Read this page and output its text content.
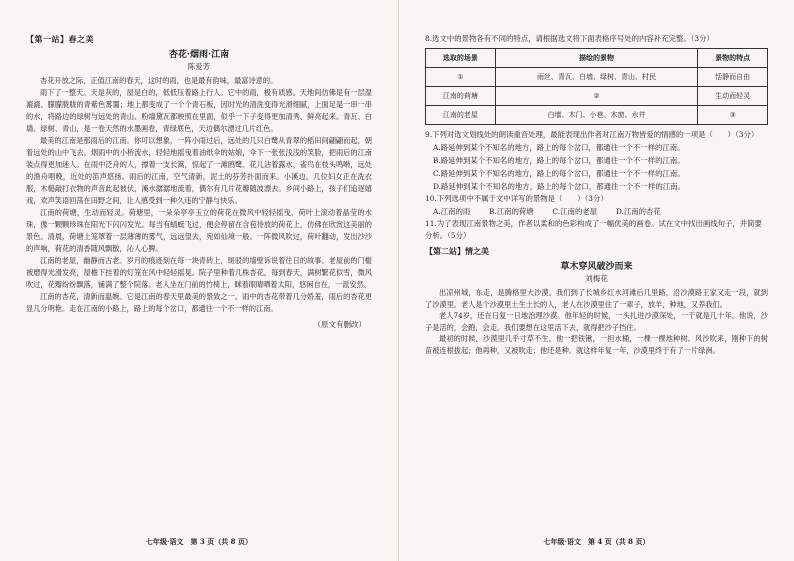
【第一站】春之美
杏花·烟雨·江南
陈爱芳

杏花开放之际，正值江南的春天，这时的雨，也是最有韵味，最富诗意的。

雨下了一整天。天是灰的，屋是白的，低低压着路上行人。它中的雨，极有质感。天地间仿佛是有一层湿漉漉、朦朦胧胧的青紫色雾霭；地上都变成了一个个青石板，因时光的清洗变得光滑细腻，上面足是一串一串的水，将路边的绿树与远处的青山、粉墙黛瓦都映照在里面，似乎一下子变得更加清秀、鲜亮起来。青瓦、白墙、绿树、青山，是一卷天然的水墨画卷，青绿底色，天边偶尔漂过几片红色。

最美的江南是那雨后的江南。你可以想象，一阵小雨过后，远处的几只白鹭从青翠的稻田间翩翩而起，朝着远处的山中飞去。烟雨中的小桥流水，轻轻地摇曳着油纸伞的姑娘，伞下一张张浅浅的笑脸，把雨后的江南装点得更加迷人。在雨中泛舟的人，撑着一支长篙，惊起了一滩鸥鹭。花儿沾着露水，雀鸟在枝头鸣啭，远处的渔舟唱晚，近处的笛声悠扬。雨后的江南，空气清新，泥土的芬芳扑面而来。小溪边，几位妇女正在洗衣服，木槌敲打衣物的声音此起彼伏，溪水潺潺地流着，偶尔有几片花瓣随波漂去。乡间小路上，孩子们追逐嬉戏，欢声笑语回荡在田野之间，让人感受到一种久违的宁静与快乐。

江南的荷塘，生动而轻灵。荷塘里，一朵朵亭亭玉立的荷花在微风中轻轻摇曳，荷叶上滚动着晶莹的水珠，像一颗颗珍珠在阳光下闪闪发光。每当有蜻蜓飞过，便会停留在含苞待放的荷花上，仿佛在欣赏这美丽的景色。清晨，荷塘上笼罩着一层薄薄的雾气，远远望去，宛如仙境一般。一阵微风吹过，荷叶翻动，发出沙沙的声响，荷花的清香随风飘散，沁人心脾。

江南的老屋，幽静而古老。岁月的痕迹刻在每一块青砖上，斑驳的墙壁诉说着往日的故事。老屋前的门槛被磨得光滑发亮，屋檐下挂着的灯笼在风中轻轻摇晃。院子里种着几株杏花，每到春天，满树繁花似雪，微风吹过，花瓣纷纷飘落，铺满了整个院落。老人坐在门前的竹椅上，眯着眼睛晒着太阳，悠闲自在，一派安然。

江南的杏花，清新而温婉。它是江南的春天里最美的景致之一。雨中的杏花带着几分娇羞，雨后的杏花更显几分明艳。走在江南的小路上，路上的每个岔口，都通往一个不一样的江南。

（原文有删改）
七年级·语文　第 3 页（共 8 页）

8.选文中的景物各有不同的特点，请根据选文将下面表格序号处的内容补充完整。（3分）

选取的场景	描绘的景物	景物的特点
①	雨丝、青瓦、白墙、绿树、青山、村民	恬静而自由
江南的荷塘	②	生动而轻灵
江南的老屋	白墙、木门、小巷、木窗、水井	③

9.下列对选文划线处的朗读重音处理，最能表现出作者对江南万物皆爱的情感的一项是（　　）（3分）

A.路延伸到某个不知名的地方，路上的每个岔口，都通往一个不一样的江南。

B.路延伸到某个不知名的地方，路上的每个岔口，都通往一个不一样的江南。

C.路延伸到某个不知名的地方，路上的每个岔口，都通往一个不一样的江南。

D.路延伸到某个不知名的地方，路上的每个岔口，都通往一个不一样的江南。

10.下列选项中不属于文中详写的景物是（　　）（3分）

A.江南的雨	B.江南的荷塘	C.江南的老屋	D.江南的杏花

11.为了表现江南景物之美，作者以柔和的色彩构成了一幅优美的画卷。试在文中找出画线句子，并简要分析。（5分）

【第二站】情之美
草木穿风破沙而来
刘梅花

出凉州城，东走，是腾格里大沙漠。我们到了长城乡红水河滩后几里路，沿沙漠路王家又走一段，就到了沙漠里。老人是个沙漠里土生土长的人，老人在沙漠里住了一辈子，放羊，种地，又养我们。

老人74岁，还在日复一日地治理沙漠。他年轻的时候，一头扎进沙漠深处，一干就是几十年。他说，沙子是活的，会跑，会走。我们要想在这里活下去，就得把沙子挡住。

最初的时候，沙漠里几乎寸草不生。他一把铁锹，一担水桶，一棵一棵地种树。风沙吹来，刚种下的树苗被连根拔起；他再种，又被吹走；他还是种。就这样年复一年，沙漠里终于有了一片绿洲。

七年级·语文　第 4 页（共 8 页）
